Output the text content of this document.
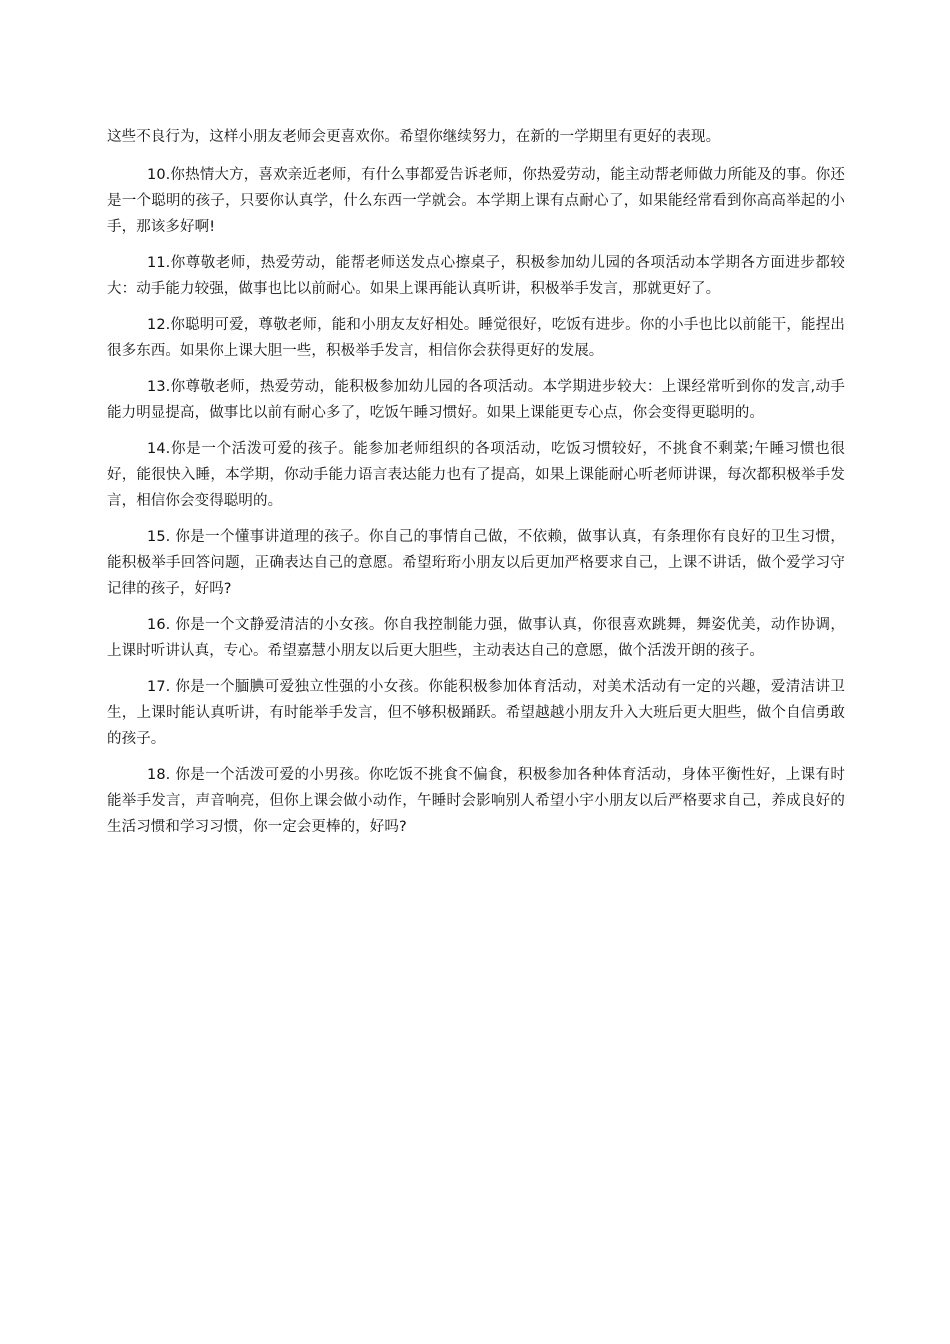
这些不良行为，这样小朋友老师会更喜欢你。希望你继续努力，在新的一学期里有更好的表现。

10.你热情大方，喜欢亲近老师，有什么事都爱告诉老师，你热爱劳动，能主动帮老师做力所能及的事。你还是一个聪明的孩子，只要你认真学，什么东西一学就会。本学期上课有点耐心了，如果能经常看到你高高举起的小手，那该多好啊!

11.你尊敬老师，热爱劳动，能帮老师送发点心擦桌子，积极参加幼儿园的各项活动本学期各方面进步都较大：动手能力较强，做事也比以前耐心。如果上课再能认真听讲，积极举手发言，那就更好了。

12.你聪明可爱，尊敬老师，能和小朋友友好相处。睡觉很好，吃饭有进步。你的小手也比以前能干，能捏出很多东西。如果你上课大胆一些，积极举手发言，相信你会获得更好的发展。

13.你尊敬老师，热爱劳动，能积极参加幼儿园的各项活动。本学期进步较大：上课经常听到你的发言,动手能力明显提高，做事比以前有耐心多了，吃饭午睡习惯好。如果上课能更专心点，你会变得更聪明的。

14.你是一个活泼可爱的孩子。能参加老师组织的各项活动，吃饭习惯较好，不挑食不剩菜;午睡习惯也很好，能很快入睡，本学期，你动手能力语言表达能力也有了提高，如果上课能耐心听老师讲课，每次都积极举手发言，相信你会变得聪明的。

15. 你是一个懂事讲道理的孩子。你自己的事情自己做，不依赖，做事认真，有条理你有良好的卫生习惯，能积极举手回答问题，正确表达自己的意愿。希望珩珩小朋友以后更加严格要求自己，上课不讲话，做个爱学习守记律的孩子，好吗?

16. 你是一个文静爱清洁的小女孩。你自我控制能力强，做事认真，你很喜欢跳舞，舞姿优美，动作协调，上课时听讲认真，专心。希望嘉慧小朋友以后更大胆些，主动表达自己的意愿，做个活泼开朗的孩子。

17. 你是一个腼腆可爱独立性强的小女孩。你能积极参加体育活动，对美术活动有一定的兴趣，爱清洁讲卫生，上课时能认真听讲，有时能举手发言，但不够积极踊跃。希望越越小朋友升入大班后更大胆些，做个自信勇敢的孩子。

18. 你是一个活泼可爱的小男孩。你吃饭不挑食不偏食，积极参加各种体育活动，身体平衡性好，上课有时能举手发言，声音响亮，但你上课会做小动作，午睡时会影响别人希望小宇小朋友以后严格要求自己，养成良好的生活习惯和学习习惯，你一定会更棒的，好吗?
